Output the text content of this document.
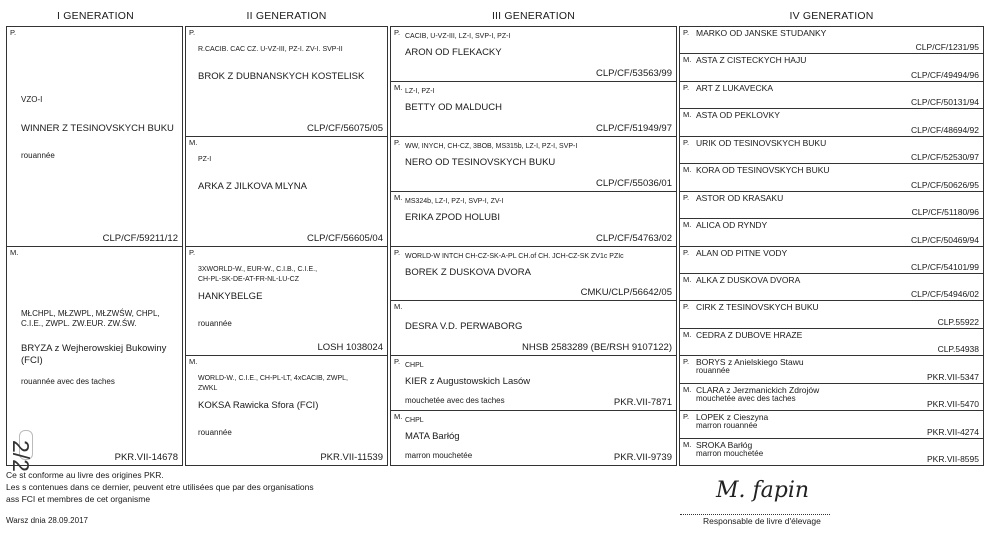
I GENERATION	II GENERATION	III GENERATION	IV GENERATION
P.
VZO-I
WINNER Z TESINOVSKYCH BUKU
rouannée
CLP/CF/59211/12
M.
MŁCHPL, MŁZWPL, MŁZWŚW, CHPL,
C.I.E., ZWPL. ZW.EUR. ZW.ŚW.
BRYZA z Wejherowskiej Bukowiny
(FCI)
rouannée avec des taches
PKR.VII-14678
P.
R.CACIB. CAC CZ. U-VZ-III, PZ-I. ZV-I. SVP-II
BROK Z DUBNANSKYCH KOSTELISK
CLP/CF/56075/05
M.
PZ-I
ARKA Z JILKOVA MLYNA
CLP/CF/56605/04
P.
3XWORLD-W., EUR-W., C.I.B., C.I.E.,
CH-PL-SK-DE-AT-FR-NL-LU-CZ
HANKYBELGE
rouannée
LOSH 1038024
M.
WORLD-W., C.I.E., CH-PL-LT, 4xCACIB, ZWPL,
ZWKL
KOKSA Rawicka Sfora (FCI)
rouannée
PKR.VII-11539
P. CACIB, U-VZ-III, LZ-I, SVP-I, PZ-I
ARON OD FLEKACKY
CLP/CF/53563/99
M. LZ-I, PZ-I
BETTY OD MALDUCH
CLP/CF/51949/97
P. WW, INYCH, CH-CZ, 3BOB, MS315b, LZ-I, PZ-I, SVP-I
NERO OD TESINOVSKYCH BUKU
CLP/CF/55036/01
M. MS324b, LZ-I, PZ-I, SVP-I, ZV-I
ERIKA ZPOD HOLUBI
CLP/CF/54763/02
P. WORLD-W INTCH CH-CZ-SK-A-PL CH.of CH. JCH-CZ-SK ZV1c PZIc
BOREK Z DUSKOVA DVORA
CMKU/CLP/56642/05
M.
DESRA V.D. PERWABORG
NHSB 2583289 (BE/RSH 9107122)
P. CHPL
KIER z Augustowskich Lasów
mouchetée avec des taches	PKR.VII-7871
M. CHPL
MATA Barłóg
marron mouchetée	PKR.VII-9739
P. MARKO OD JANSKE STUDANKY
CLP/CF/1231/95
M. ASTA Z CISTECKYCH HAJU
CLP/CF/49494/96
P. ART Z LUKAVECKA
CLP/CF/50131/94
M. ASTA OD PEKLOVKY
CLP/CF/48694/92
P. URIK OD TESINOVSKYCH BUKU
CLP/CF/52530/97
M. KORA OD TESINOVSKYCH BUKU
CLP/CF/50626/95
P. ASTOR OD KRASAKU
CLP/CF/51180/96
M. ALICA OD RYNDY
CLP/CF/50469/94
P. ALAN OD PITNE VODY
CLP/CF/54101/99
M. ALKA Z DUSKOVA DVORA
CLP/CF/54946/02
P. CIRK Z TESINOVSKYCH BUKU
CLP.55922
M. CEDRA Z DUBOVE HRAZE
CLP.54938
P. BORYS z Anielskiego Stawu
rouannée
PKR.VII-5347
M. CLARA z Jerzmanickich Zdrojów
mouchetée avec des taches
PKR.VII-5470
P. LOPEK z Cieszyna
marron rouannée
PKR.VII-4274
M. SROKA Barłóg
marron mouchetée
PKR.VII-8595
Ce st conforme au livre des origines PKR.
Les s contenues dans ce dernier, peuvent etre utilisées que par des organisations
ass FCI et membres de cet organisme
Warsz dnia 28.09.2017
M. fapin
Responsable de livre d'élevage
2/2
